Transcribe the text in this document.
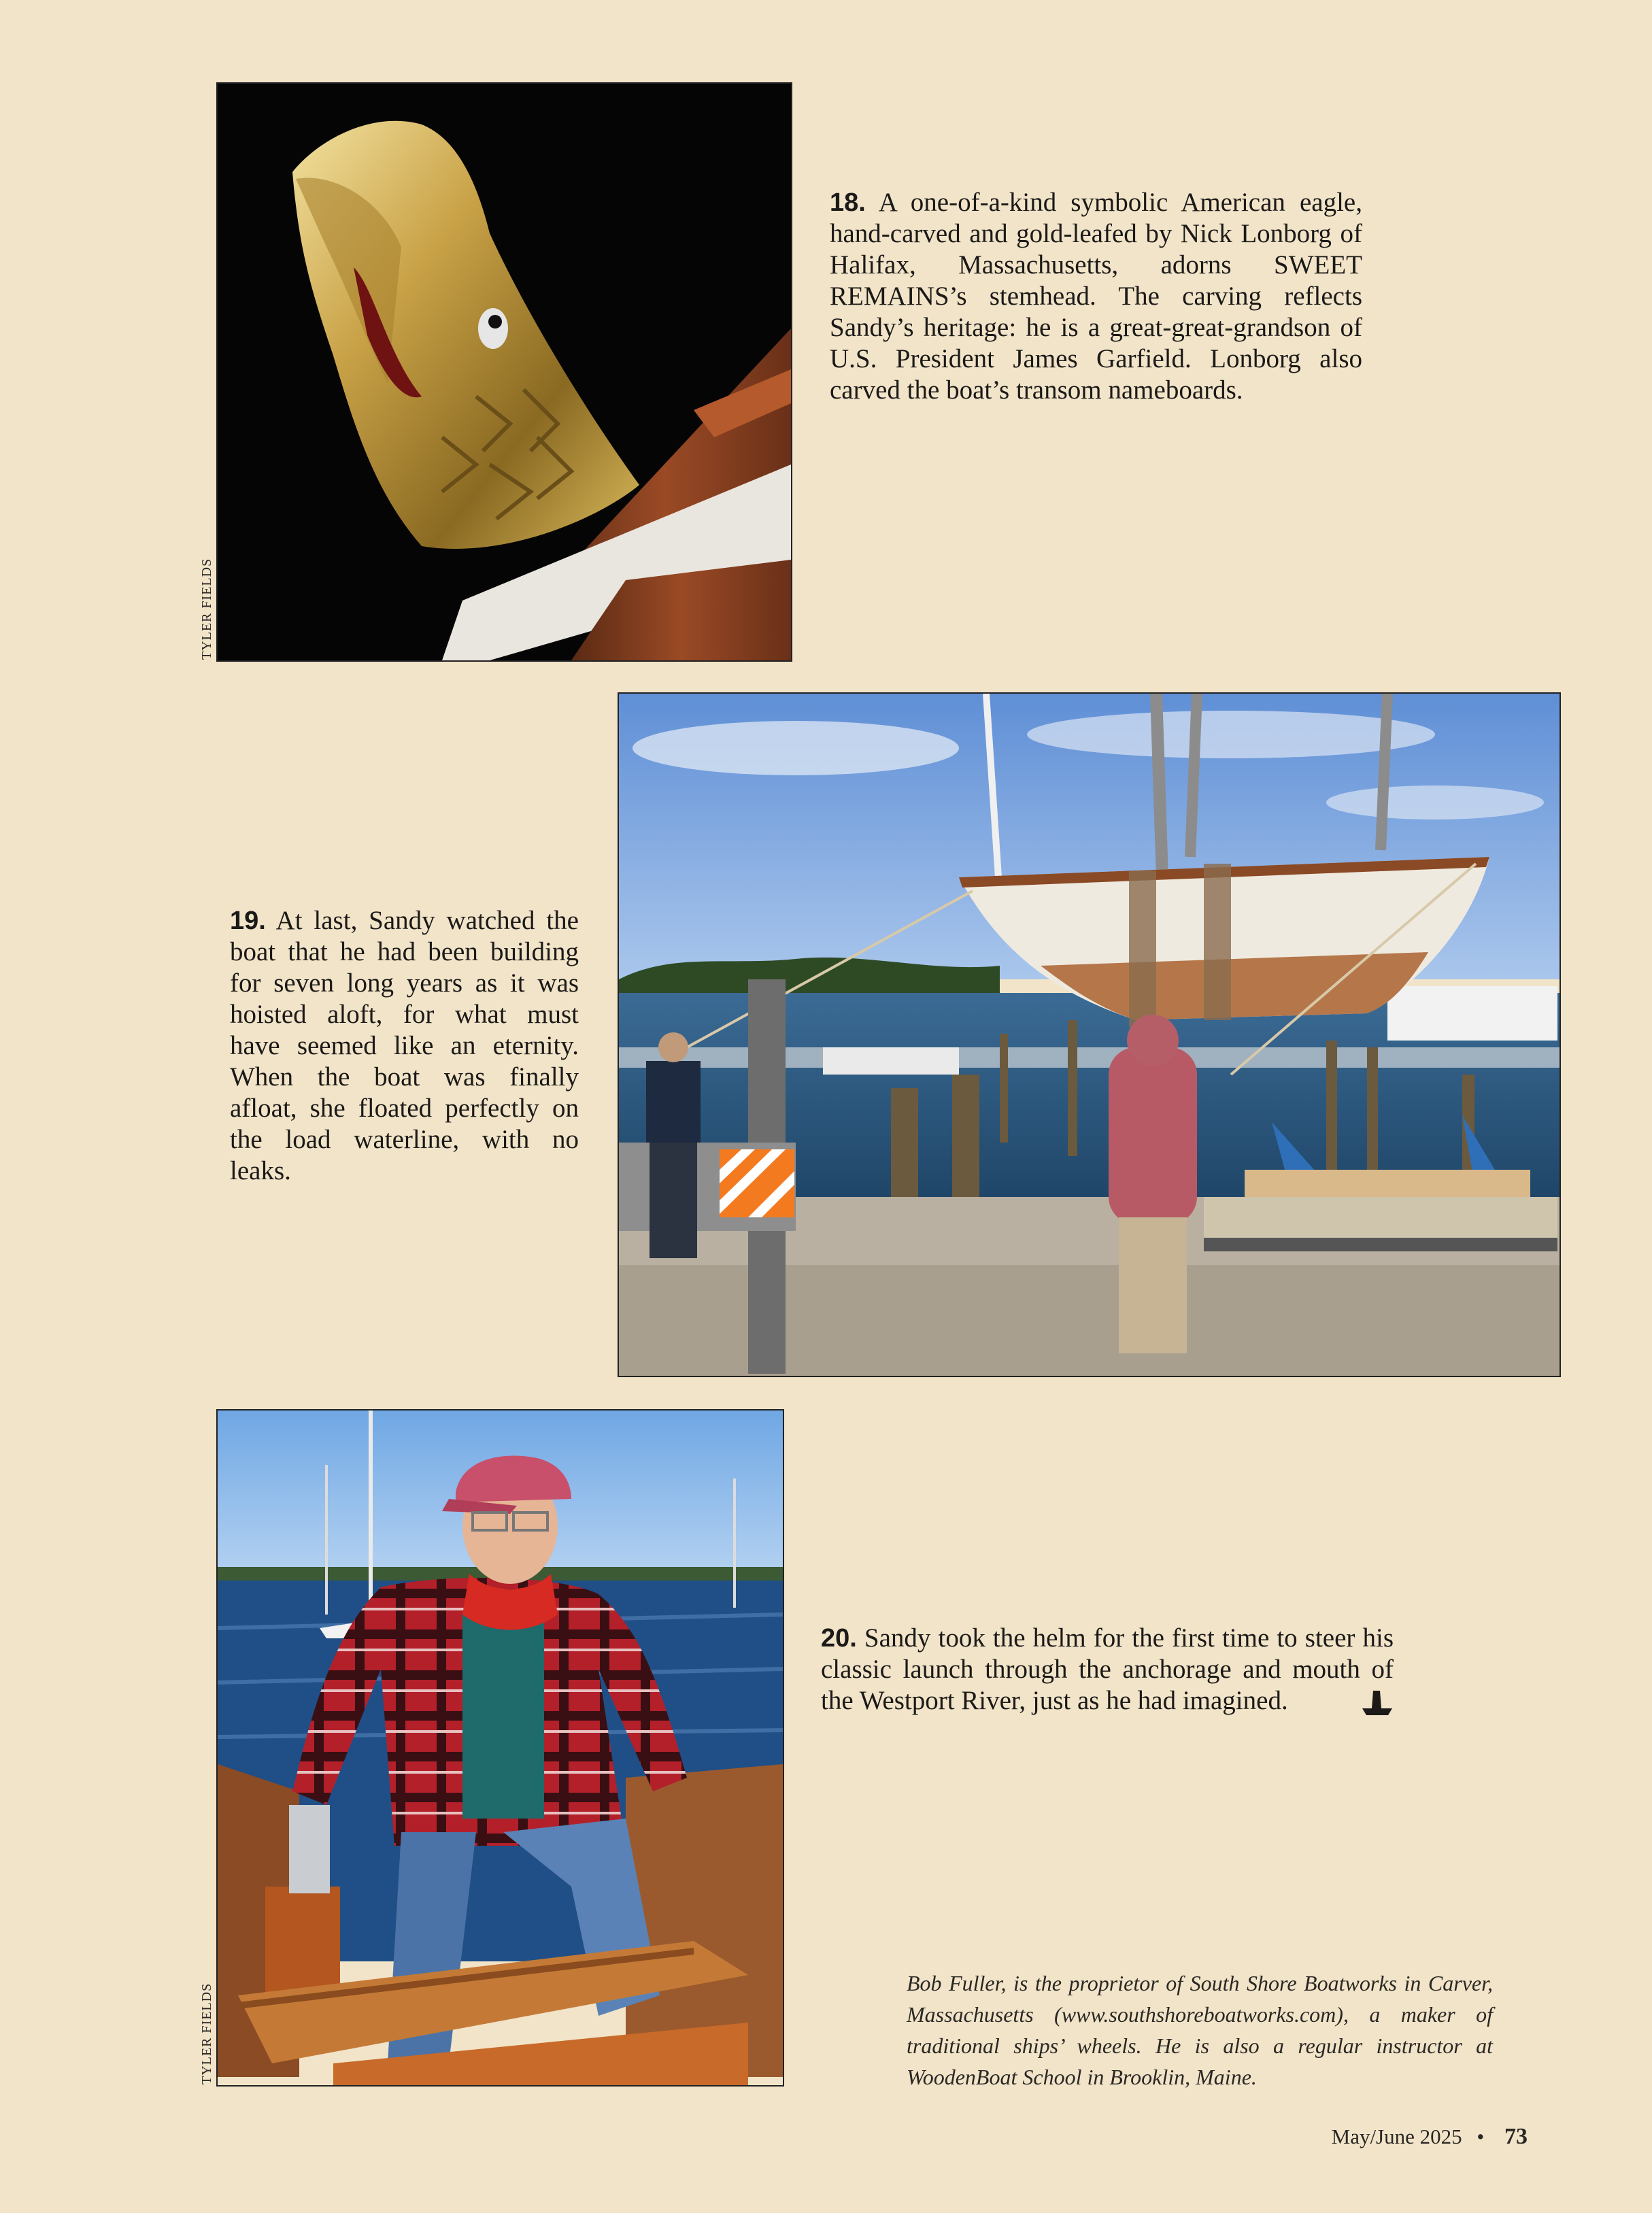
TYLER FIELDS
18. A one-of-a-kind symbolic American eagle, hand-carved and gold-leafed by Nick Lonborg of Halifax, Massachusetts, adorns SWEET REMAINS’s stemhead. The carving reflects Sandy’s heritage: he is a great-great-grandson of U.S. President James Garfield. Lonborg also carved the boat’s transom nameboards.
19. At last, Sandy watched the boat that he had been building for seven long years as it was hoisted aloft, for what must have seemed like an eternity. When the boat was finally afloat, she floated perfectly on the load waterline, with no leaks.
TYLER FIELDS
20. Sandy took the helm for the first time to steer his classic launch through the anchorage and mouth of the Westport River, just as he had imagined.
Bob Fuller, is the proprietor of South Shore Boatworks in Carver, Massachusetts (www.southshoreboatworks.com), a maker of traditional ships’ wheels. He is also a regular instructor at WoodenBoat School in Brooklin, Maine.
May/June 2025 • 73
